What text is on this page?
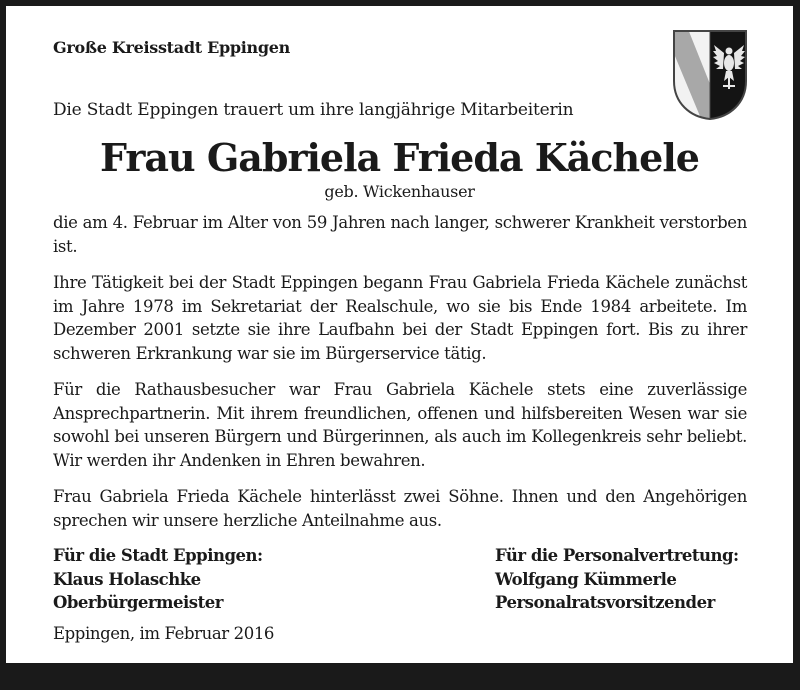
Große Kreisstadt Eppingen
Die Stadt Eppingen trauert um ihre langjährige Mitarbeiterin
Frau Gabriela Frieda Kächele
geb. Wickenhauser

die am 4. Februar im Alter von 59 Jahren nach langer, schwerer Krankheit verstorben ist.

Ihre Tätigkeit bei der Stadt Eppingen begann Frau Gabriela Frieda Kächele zunächst im Jahre 1978 im Sekretariat der Realschule, wo sie bis Ende 1984 arbeitete. Im Dezember 2001 setzte sie ihre Laufbahn bei der Stadt Eppingen fort. Bis zu ihrer schweren Erkrankung war sie im Bürgerservice tätig.

Für die Rathausbesucher war Frau Gabriela Kächele stets eine zuverlässige Ansprechpartnerin. Mit ihrem freundlichen, offenen und hilfsbereiten Wesen war sie sowohl bei unseren Bürgern und Bürgerinnen, als auch im Kollegenkreis sehr beliebt. Wir werden ihr Andenken in Ehren bewahren.

Frau Gabriela Frieda Kächele hinterlässt zwei Söhne. Ihnen und den Angehörigen sprechen wir unsere herzliche Anteilnahme aus.

Für die Stadt Eppingen:
Klaus Holaschke
Oberbürgermeister
Für die Personalvertretung:
Wolfgang Kümmerle
Personalratsvorsitzender
Eppingen, im Februar 2016
